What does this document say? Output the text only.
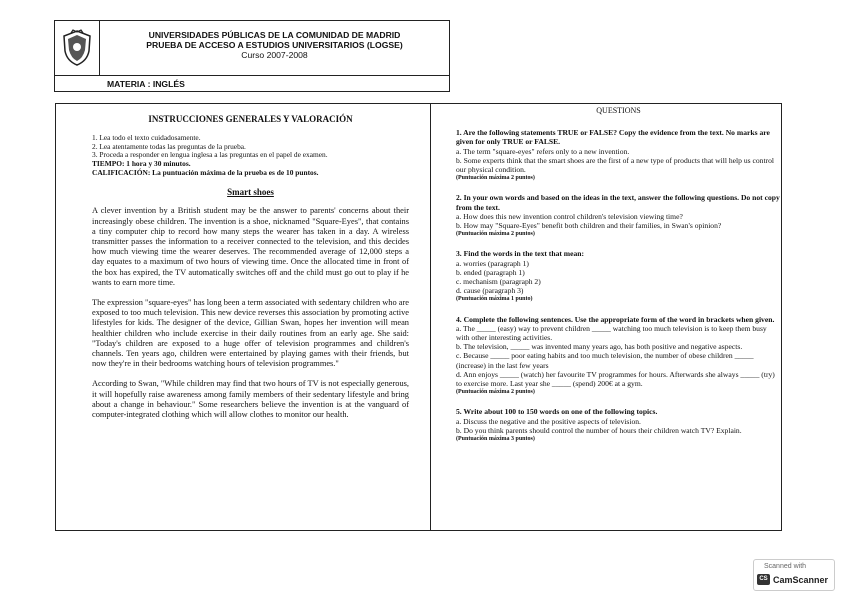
UNIVERSIDADES PÚBLICAS DE LA COMUNIDAD DE MADRID
PRUEBA DE ACCESO A ESTUDIOS UNIVERSITARIOS (LOGSE)
Curso 2007-2008
MATERIA : INGLÉS
INSTRUCCIONES GENERALES Y VALORACIÓN
1. Lea todo el texto cuidadosamente.
2. Lea atentamente todas las preguntas de la prueba.
3. Proceda a responder en lengua inglesa a las preguntas en el papel de examen.
TIEMPO: 1 hora y 30 minutos.
CALIFICACIÓN: La puntuación máxima de la prueba es de 10 puntos.
Smart shoes

A clever invention by a British student may be the answer to parents' concerns about their increasingly obese children. The invention is a shoe, nicknamed "Square-Eyes", that contains a tiny computer chip to record how many steps the wearer has taken in a day. A wireless transmitter passes the information to a receiver connected to the television, and this decides how much viewing time the wearer deserves. The recommended average of 12,000 steps a day equates to a maximum of two hours of viewing time. Once the allocated time in front of the box has expired, the TV automatically switches off and the child must go out to play if he wants to earn more time.

The expression "square-eyes" has long been a term associated with sedentary children who are exposed to too much television. This new device reverses this association by promoting active lifestyles for kids. The designer of the device, Gillian Swan, hopes her invention will mean healthier children who include exercise in their daily routines from an early age. She said: "Today's children are exposed to a huge offer of television programmes and children's channels. Ten years ago, children were entertained by playing games with their friends, but now they're in their bedrooms watching hours of television programmes."

According to Swan, "While children may find that two hours of TV is not especially generous, it will hopefully raise awareness among family members of their sedentary lifestyle and bring about a change in behaviour." Some researchers believe the invention is at the vanguard of computer-integrated clothing which will allow clothes to monitor our health.

QUESTIONS
1. Are the following statements TRUE or FALSE? Copy the evidence from the text. No marks are given for only TRUE or FALSE.
a. The term "square-eyes" refers only to a new invention.
b. Some experts think that the smart shoes are the first of a new type of products that will help us control our physical condition.
(Puntuación máxima 2 puntos)
2. In your own words and based on the ideas in the text, answer the following questions. Do not copy from the text.
a. How does this new invention control children's television viewing time?
b. How may "Square-Eyes" benefit both children and their families, in Swan's opinion?
(Puntuación máxima 2 puntos)
3. Find the words in the text that mean:
a. worries (paragraph 1)
b. ended (paragraph 1)
c. mechanism (paragraph 2)
d. cause (paragraph 3)
(Puntuación máxima 1 punto)
4. Complete the following sentences. Use the appropriate form of the word in brackets when given.
a. The _____ (easy) way to prevent children _____ watching too much television is to keep them busy with other interesting activities.
b. The television, _____ was invented many years ago, has both positive and negative aspects.
c. Because _____ poor eating habits and too much television, the number of obese children _____ (increase) in the last few years
d. Ann enjoys _____ (watch) her favourite TV programmes for hours. Afterwards she always _____ (try) to exercise more. Last year she _____ (spend) 200€ at a gym.
(Puntuación máxima 2 puntos)
5. Write about 100 to 150 words on one of the following topics.
a. Discuss the negative and the positive aspects of television.
b. Do you think parents should control the number of hours their children watch TV? Explain.
(Puntuación máxima 3 puntos)
Scanned with
CS CamScanner
